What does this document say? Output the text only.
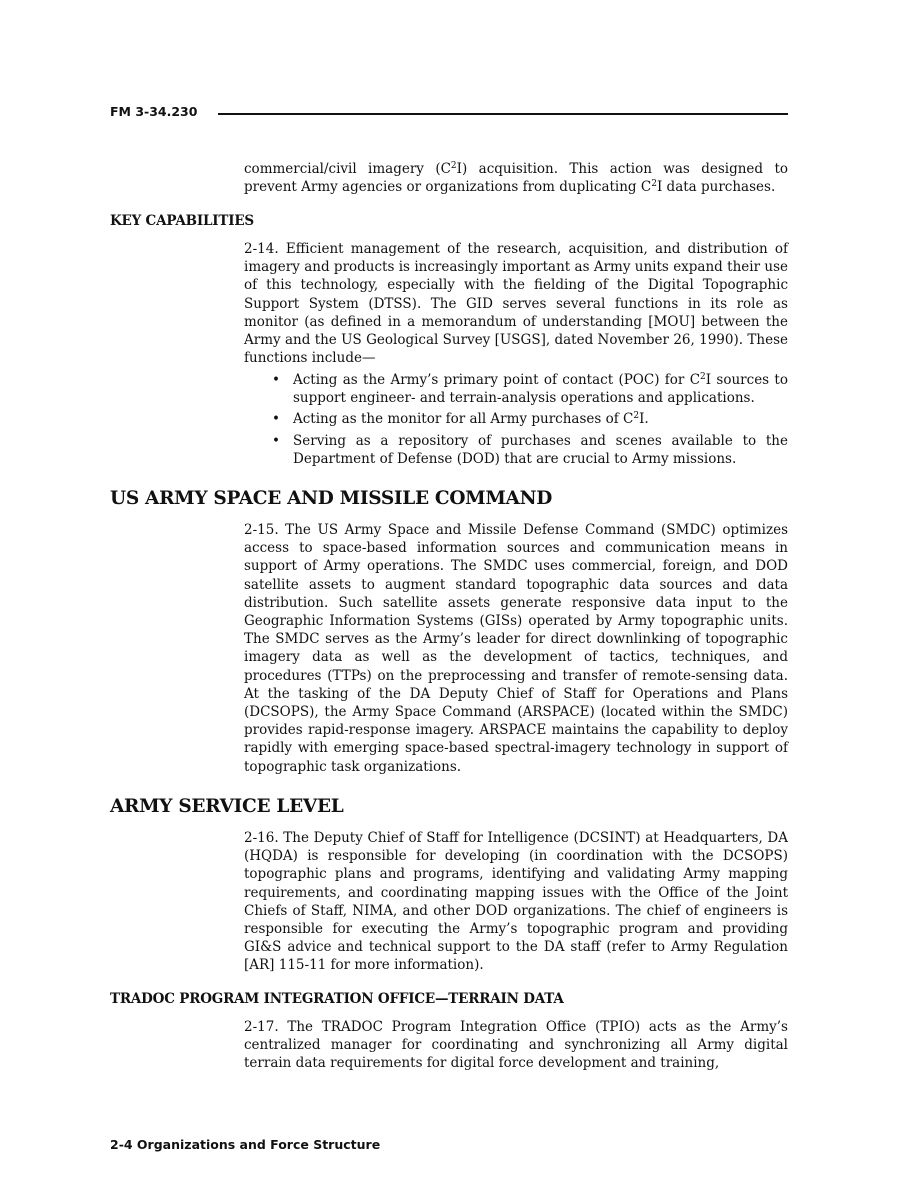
FM 3-34.230

commercial/civil imagery $(C^2I)$ acquisition. This action was designed to prevent Army agencies or organizations from duplicating $C^2I$ data purchases.

KEY CAPABILITIES

2-14. Efficient management of the research, acquisition, and distribution of imagery and products is increasingly important as Army units expand their use of this technology, especially with the fielding of the Digital Topographic Support System (DTSS). The GID serves several functions in its role as monitor (as defined in a memorandum of understanding [MOU] between the Army and the US Geological Survey [USGS], dated November 26, 1990). These functions include—

• Acting as the Army’s primary point of contact (POC) for $C^2I$ sources to support engineer- and terrain-analysis operations and applications.
• Acting as the monitor for all Army purchases of $C^2I$.
• Serving as a repository of purchases and scenes available to the Department of Defense (DOD) that are crucial to Army missions.
US ARMY SPACE AND MISSILE COMMAND

2-15. The US Army Space and Missile Defense Command (SMDC) optimizes access to space-based information sources and communication means in support of Army operations. The SMDC uses commercial, foreign, and DOD satellite assets to augment standard topographic data sources and data distribution. Such satellite assets generate responsive data input to the Geographic Information Systems (GISs) operated by Army topographic units. The SMDC serves as the Army’s leader for direct downlinking of topographic imagery data as well as the development of tactics, techniques, and procedures (TTPs) on the preprocessing and transfer of remote-sensing data. At the tasking of the DA Deputy Chief of Staff for Operations and Plans (DCSOPS), the Army Space Command (ARSPACE) (located within the SMDC) provides rapid-response imagery. ARSPACE maintains the capability to deploy rapidly with emerging space-based spectral-imagery technology in support of topographic task organizations.

ARMY SERVICE LEVEL

2-16. The Deputy Chief of Staff for Intelligence (DCSINT) at Headquarters, DA (HQDA) is responsible for developing (in coordination with the DCSOPS) topographic plans and programs, identifying and validating Army mapping requirements, and coordinating mapping issues with the Office of the Joint Chiefs of Staff, NIMA, and other DOD organizations. The chief of engineers is responsible for executing the Army’s topographic program and providing GI&S advice and technical support to the DA staff (refer to Army Regulation [AR] 115-11 for more information).

TRADOC PROGRAM INTEGRATION OFFICE—TERRAIN DATA

2-17. The TRADOC Program Integration Office (TPIO) acts as the Army’s centralized manager for coordinating and synchronizing all Army digital terrain data requirements for digital force development and training,

2-4 Organizations and Force Structure
